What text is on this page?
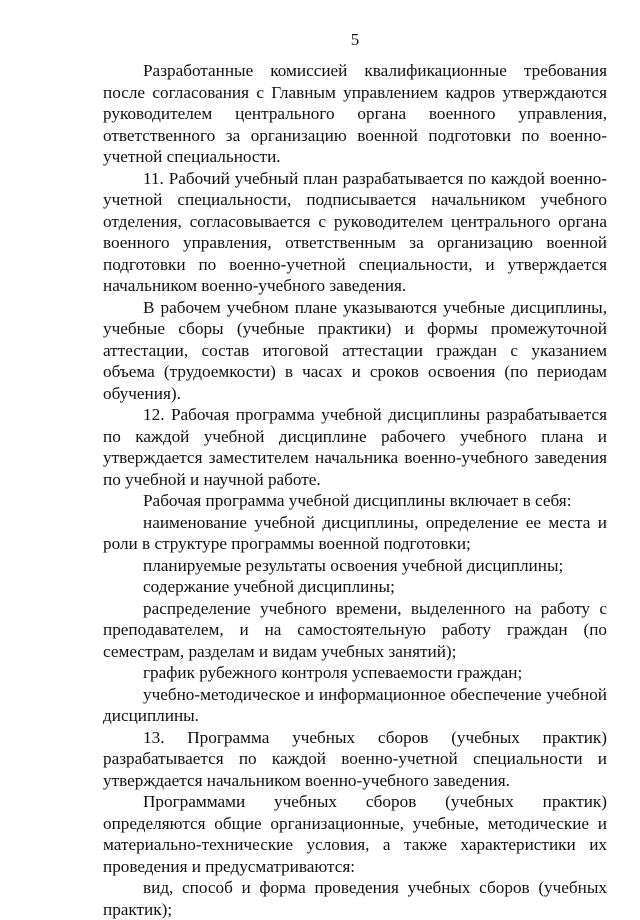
5

Разработанные комиссией квалификационные требования после согласования с Главным управлением кадров утверждаются руководителем центрального органа военного управления, ответственного за организацию военной подготовки по военно-учетной специальности.

11. Рабочий учебный план разрабатывается по каждой военно-учетной специальности, подписывается начальником учебного отделения, согласовывается с руководителем центрального органа военного управления, ответственным за организацию военной подготовки по военно-учетной специальности, и утверждается начальником военно-учебного заведения.

В рабочем учебном плане указываются учебные дисциплины, учебные сборы (учебные практики) и формы промежуточной аттестации, состав итоговой аттестации граждан с указанием объема (трудоемкости) в часах и сроков освоения (по периодам обучения).

12. Рабочая программа учебной дисциплины разрабатывается по каждой учебной дисциплине рабочего учебного плана и утверждается заместителем начальника военно-учебного заведения по учебной и научной работе.

Рабочая программа учебной дисциплины включает в себя:

наименование учебной дисциплины, определение ее места и роли в структуре программы военной подготовки;

планируемые результаты освоения учебной дисциплины;

содержание учебной дисциплины;

распределение учебного времени, выделенного на работу с преподавателем, и на самостоятельную работу граждан (по семестрам, разделам и видам учебных занятий);

график рубежного контроля успеваемости граждан;

учебно-методическое и информационное обеспечение учебной дисциплины.

13. Программа учебных сборов (учебных практик) разрабатывается по каждой военно-учетной специальности и утверждается начальником военно-учебного заведения.

Программами учебных сборов (учебных практик) определяются общие организационные, учебные, методические и материально-технические условия, а также характеристики их проведения и предусматриваются:

вид, способ и форма проведения учебных сборов (учебных практик);
